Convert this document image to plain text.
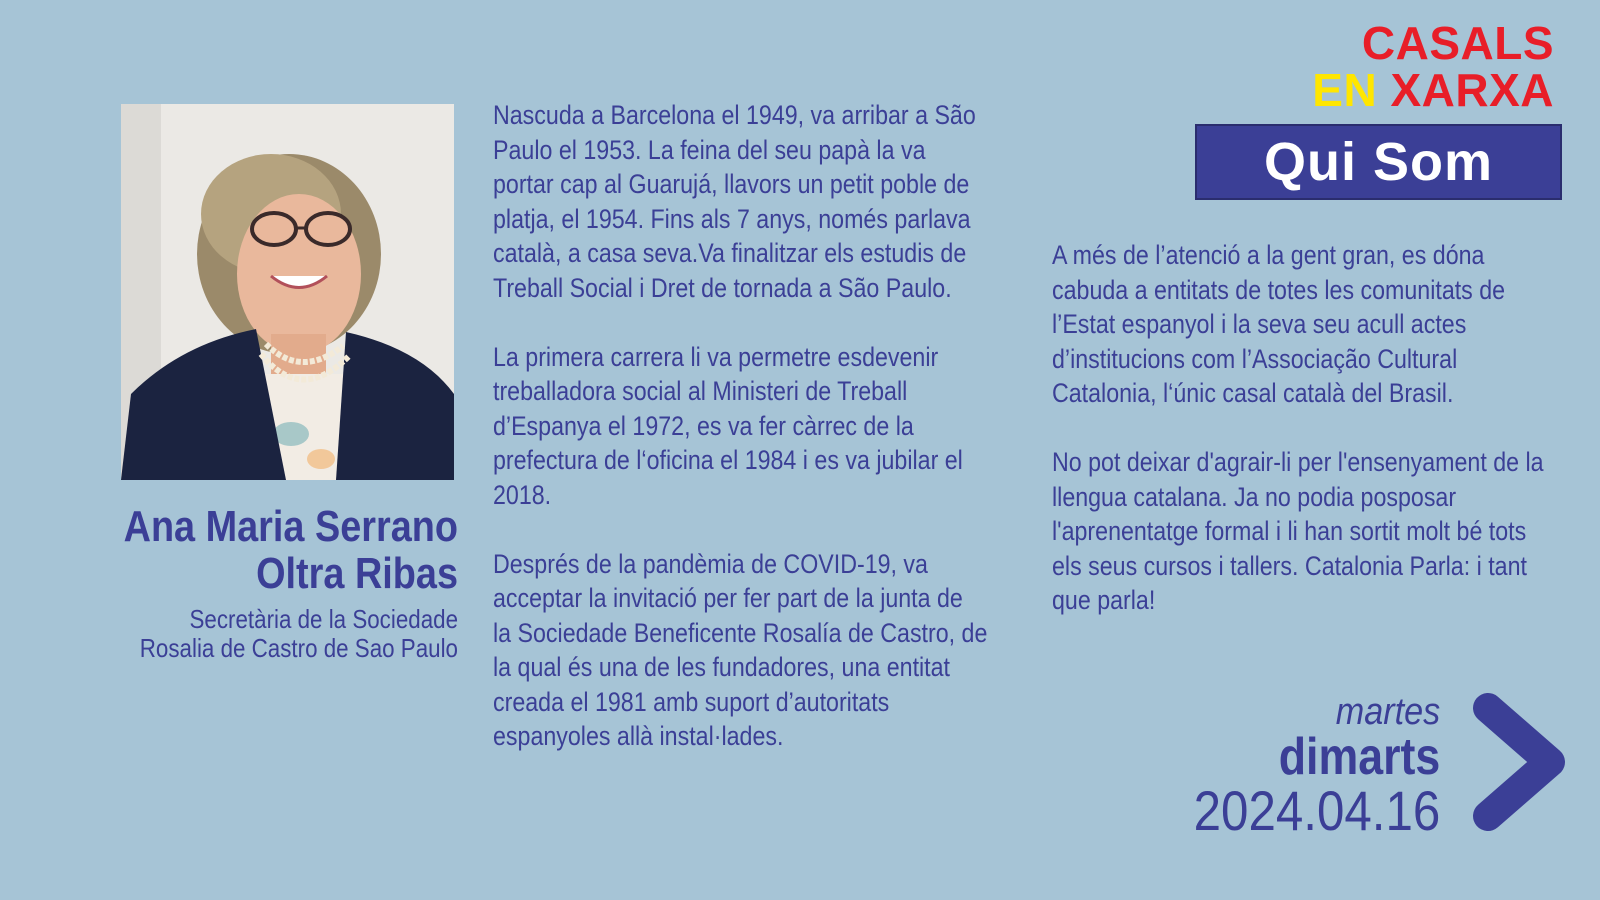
Ana Maria Serrano
Oltra Ribas
Secretària de la Sociedade
Rosalia de Castro de Sao Paulo

Nascuda a Barcelona el 1949, va arribar a São
Paulo el 1953. La feina del seu papà la va
portar cap al Guarujá, llavors un petit poble de
platja, el 1954. Fins als 7 anys, només parlava
català, a casa seva.Va finalitzar els estudis de
Treball Social i Dret de tornada a São Paulo.

La primera carrera li va permetre esdevenir
treballadora social al Ministeri de Treball
d’Espanya el 1972, es va fer càrrec de la
prefectura de l‘oficina el 1984 i es va jubilar el
2018.

Després de la pandèmia de COVID-19, va
acceptar la invitació per fer part de la junta de
la Sociedade Beneficente Rosalía de Castro, de
la qual és una de les fundadores, una entitat
creada el 1981 amb suport d’autoritats
espanyoles allà instal·lades.

A més de l’atenció a la gent gran, es dóna
cabuda a entitats de totes les comunitats de
l’Estat espanyol i la seva seu acull actes
d’institucions com l’Associação Cultural
Catalonia, l‘únic casal català del Brasil.

No pot deixar d'agrair-li per l'ensenyament de la
llengua catalana. Ja no podia posposar
l'aprenentatge formal i li han sortit molt bé tots
els seus cursos i tallers. Catalonia Parla: i tant
que parla!

CASALS
EN XARXA
Qui Som
martes
dimarts
2024.04.16
